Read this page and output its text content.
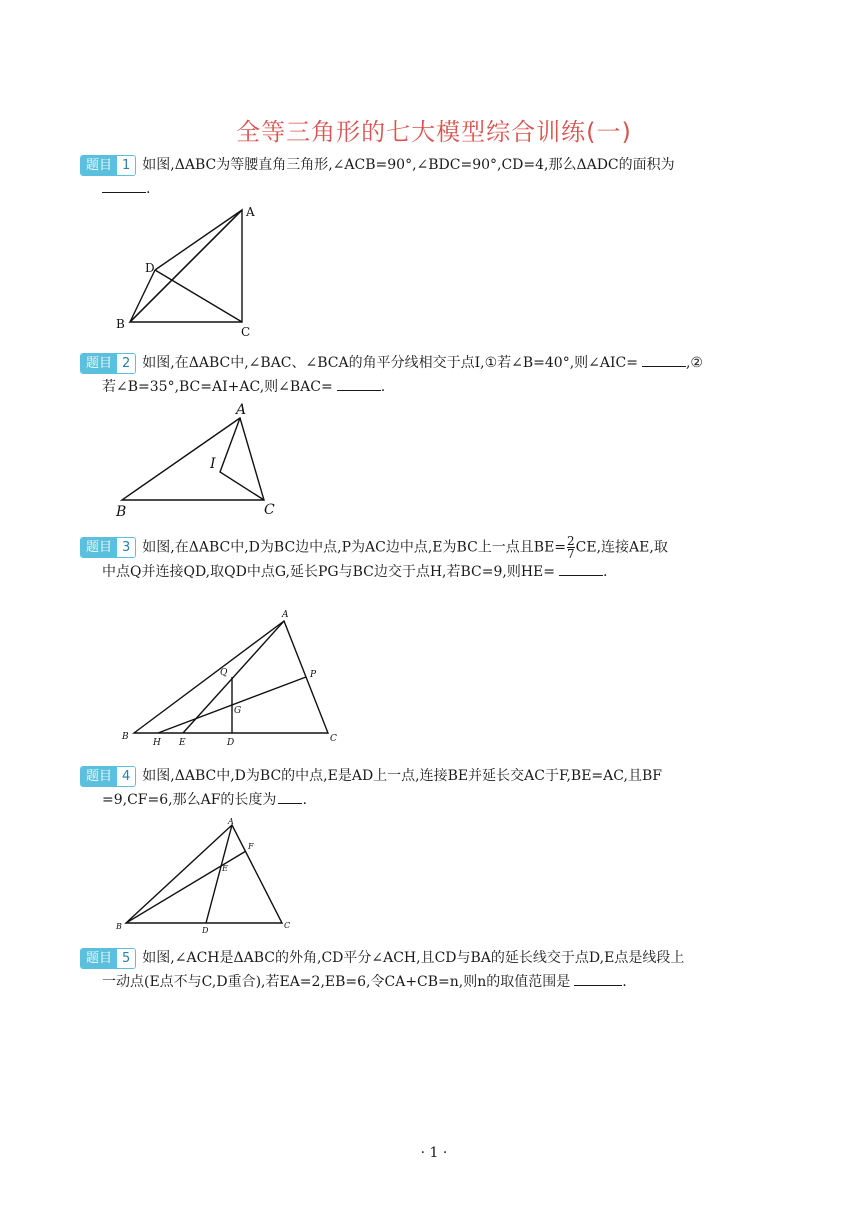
全等三角形的七大模型综合训练(一)
题目 1 如图,ΔABC为等腰直角三角形,∠ACB=90°,∠BDC=90°,CD=4,那么ΔADC的面积为
.
A
B
C
D
题目 2 如图,在ΔABC中,∠BAC、∠BCA的角平分线相交于点I,①若∠B=40°,则∠AIC=	,②
若∠B=35°,BC=AI+AC,则∠BAC=	.
A
B	C
I
题目 3 如图,在ΔABC中,D为BC边中点,P为AC边中点,E为BC上一点且$BE= \frac{2}{7}$ CE,连接AE,取
中点Q并连接QD,取QD中点G,延长PG与BC边交于点H,若BC=9,则HE=	.
A
B	C
D
E
G
H
P
Q
题目 4 如图,ΔABC中,D为BC的中点,E是AD上一点,连接BE并延长交AC于F,BE=AC,且BF
=9,CF=6,那么AF的长度为 .
A
B	C
D
E
F
题目 5 如图,∠ACH是ΔABC的外角,CD平分∠ACH,且CD与BA的延长线交于点D,E点是线段上
一动点(E点不与C,D重合),若EA=2,EB=6,令CA+CB=n,则n的取值范围是	.
· 1 ·
